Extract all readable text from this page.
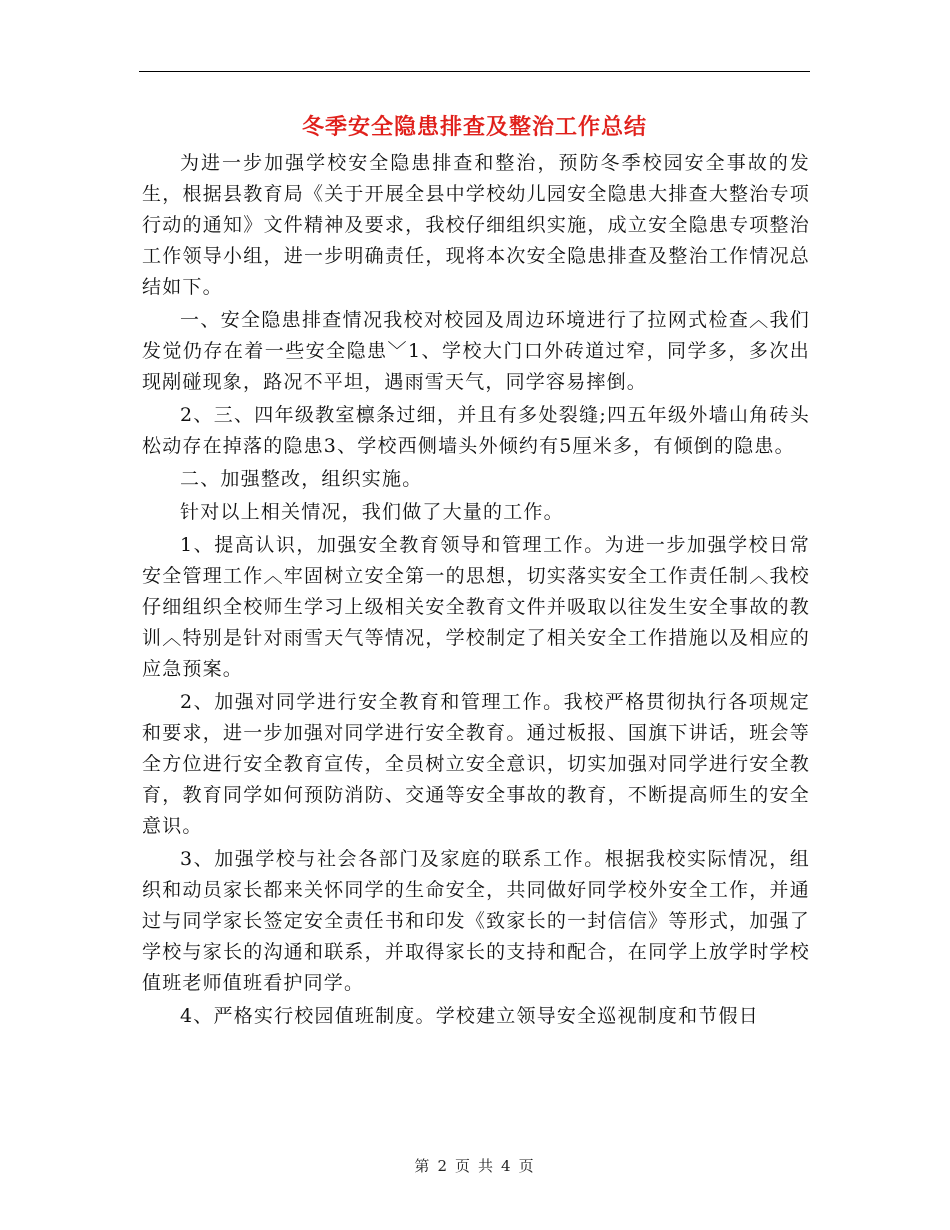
冬季安全隐患排查及整治工作总结

为进一步加强学校安全隐患排查和整治，预防冬季校园安全事故的发生，根据县教育局《关于开展全县中学校幼儿园安全隐患大排查大整治专项行动的通知》文件精神及要求，我校仔细组织实施，成立安全隐患专项整治工作领导小组，进一步明确责任，现将本次安全隐患排查及整治工作情况总结如下。

一、安全隐患排查情况我校对校园及周边环境进行了拉网式检查︿我们发觉仍存在着一些安全隐患﹀1、学校大门口外砖道过窄，同学多，多次出现剐碰现象，路况不平坦，遇雨雪天气，同学容易摔倒。

2、三、四年级教室檩条过细，并且有多处裂缝;四五年级外墙山角砖头松动存在掉落的隐患3、学校西侧墙头外倾约有5厘米多，有倾倒的隐患。

二、加强整改，组织实施。

针对以上相关情况，我们做了大量的工作。

1、提高认识，加强安全教育领导和管理工作。为进一步加强学校日常安全管理工作︿牢固树立安全第一的思想，切实落实安全工作责任制︿我校仔细组织全校师生学习上级相关安全教育文件并吸取以往发生安全事故的教训︿特别是针对雨雪天气等情况，学校制定了相关安全工作措施以及相应的应急预案。

2、加强对同学进行安全教育和管理工作。我校严格贯彻执行各项规定和要求，进一步加强对同学进行安全教育。通过板报、国旗下讲话，班会等全方位进行安全教育宣传，全员树立安全意识，切实加强对同学进行安全教育，教育同学如何预防消防、交通等安全事故的教育，不断提高师生的安全意识。

3、加强学校与社会各部门及家庭的联系工作。根据我校实际情况，组织和动员家长都来关怀同学的生命安全，共同做好同学校外安全工作，并通过与同学家长签定安全责任书和印发《致家长的一封信信》等形式，加强了学校与家长的沟通和联系，并取得家长的支持和配合，在同学上放学时学校值班老师值班看护同学。

4、严格实行校园值班制度。学校建立领导安全巡视制度和节假日

第 2 页 共 4 页
